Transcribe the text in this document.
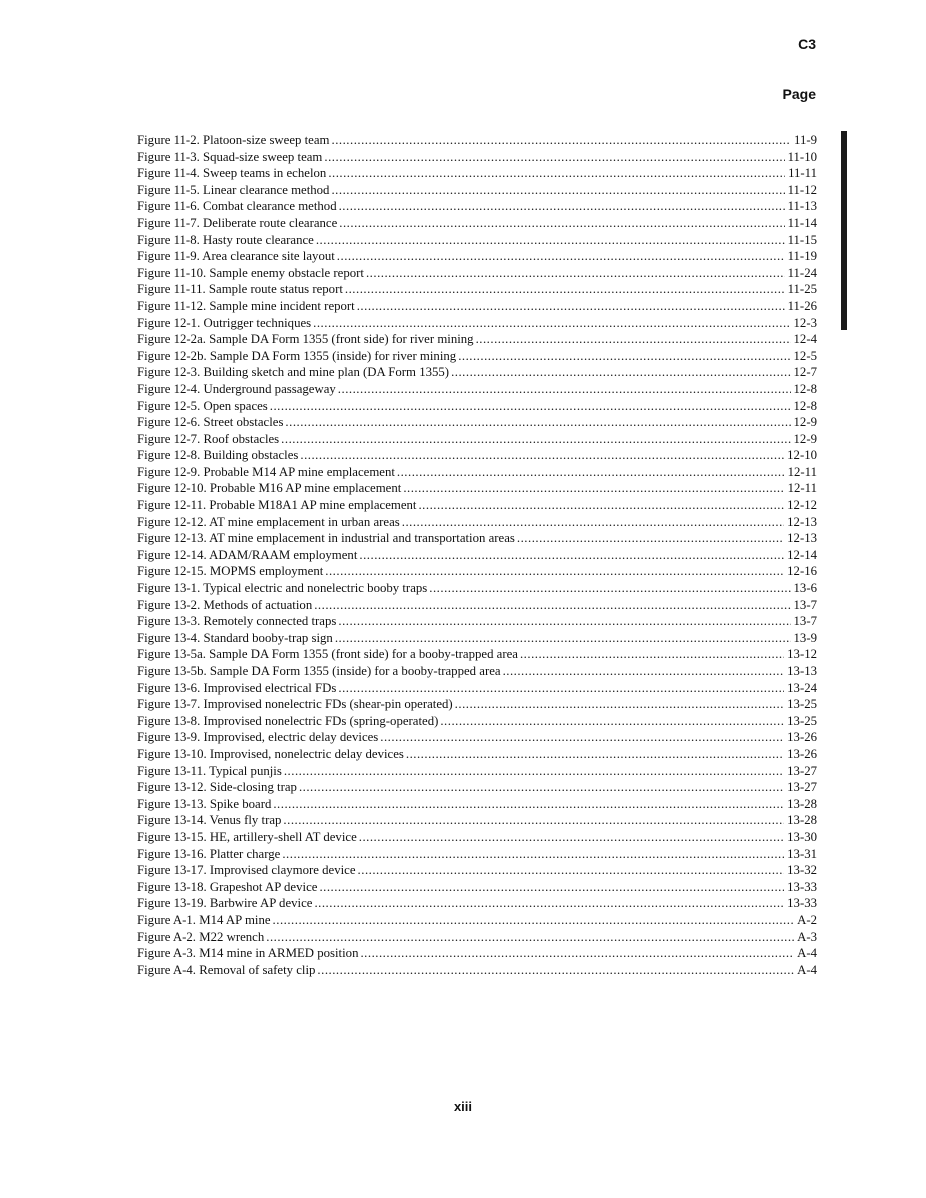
C3
Page
Figure 11-2. Platoon-size sweep team .....	11-9
Figure 11-3. Squad-size sweep team .....	11-10
Figure 11-4. Sweep teams in echelon .....	11-11
Figure 11-5. Linear clearance method .....	11-12
Figure 11-6. Combat clearance method .....	11-13
Figure 11-7. Deliberate route clearance .....	11-14
Figure 11-8. Hasty route clearance .....	11-15
Figure 11-9. Area clearance site layout .....	11-19
Figure 11-10. Sample enemy obstacle report .....	11-24
Figure 11-11. Sample route status report .....	11-25
Figure 11-12. Sample mine incident report .....	11-26
Figure 12-1. Outrigger techniques .....	12-3
Figure 12-2a. Sample DA Form 1355 (front side) for river mining .....	12-4
Figure 12-2b. Sample DA Form 1355 (inside) for river mining .....	12-5
Figure 12-3. Building sketch and mine plan (DA Form 1355) .....	12-7
Figure 12-4. Underground passageway .....	12-8
Figure 12-5. Open spaces .....	12-8
Figure 12-6. Street obstacles .....	12-9
Figure 12-7. Roof obstacles .....	12-9
Figure 12-8. Building obstacles .....	12-10
Figure 12-9. Probable M14 AP mine emplacement .....	12-11
Figure 12-10. Probable M16 AP mine emplacement .....	12-11
Figure 12-11. Probable M18A1 AP mine emplacement .....	12-12
Figure 12-12. AT mine emplacement in urban areas .....	12-13
Figure 12-13. AT mine emplacement in industrial and transportation areas .....	12-13
Figure 12-14. ADAM/RAAM employment .....	12-14
Figure 12-15. MOPMS employment .....	12-16
Figure 13-1. Typical electric and nonelectric booby traps .....	13-6
Figure 13-2. Methods of actuation .....	13-7
Figure 13-3. Remotely connected traps .....	13-7
Figure 13-4. Standard booby-trap sign .....	13-9
Figure 13-5a. Sample DA Form 1355 (front side) for a booby-trapped area .....	13-12
Figure 13-5b. Sample DA Form 1355 (inside) for a booby-trapped area .....	13-13
Figure 13-6. Improvised electrical FDs .....	13-24
Figure 13-7. Improvised nonelectric FDs (shear-pin operated) .....	13-25
Figure 13-8. Improvised nonelectric FDs (spring-operated) .....	13-25
Figure 13-9. Improvised, electric delay devices .....	13-26
Figure 13-10. Improvised, nonelectric delay devices .....	13-26
Figure 13-11. Typical punjis .....	13-27
Figure 13-12. Side-closing trap .....	13-27
Figure 13-13. Spike board .....	13-28
Figure 13-14. Venus fly trap .....	13-28
Figure 13-15. HE, artillery-shell AT device .....	13-30
Figure 13-16. Platter charge .....	13-31
Figure 13-17. Improvised claymore device .....	13-32
Figure 13-18. Grapeshot AP device .....	13-33
Figure 13-19. Barbwire AP device .....	13-33
Figure A-1. M14 AP mine .....	A-2
Figure A-2. M22 wrench .....	A-3
Figure A-3. M14 mine in ARMED position .....	A-4
Figure A-4. Removal of safety clip .....	A-4
xiii
